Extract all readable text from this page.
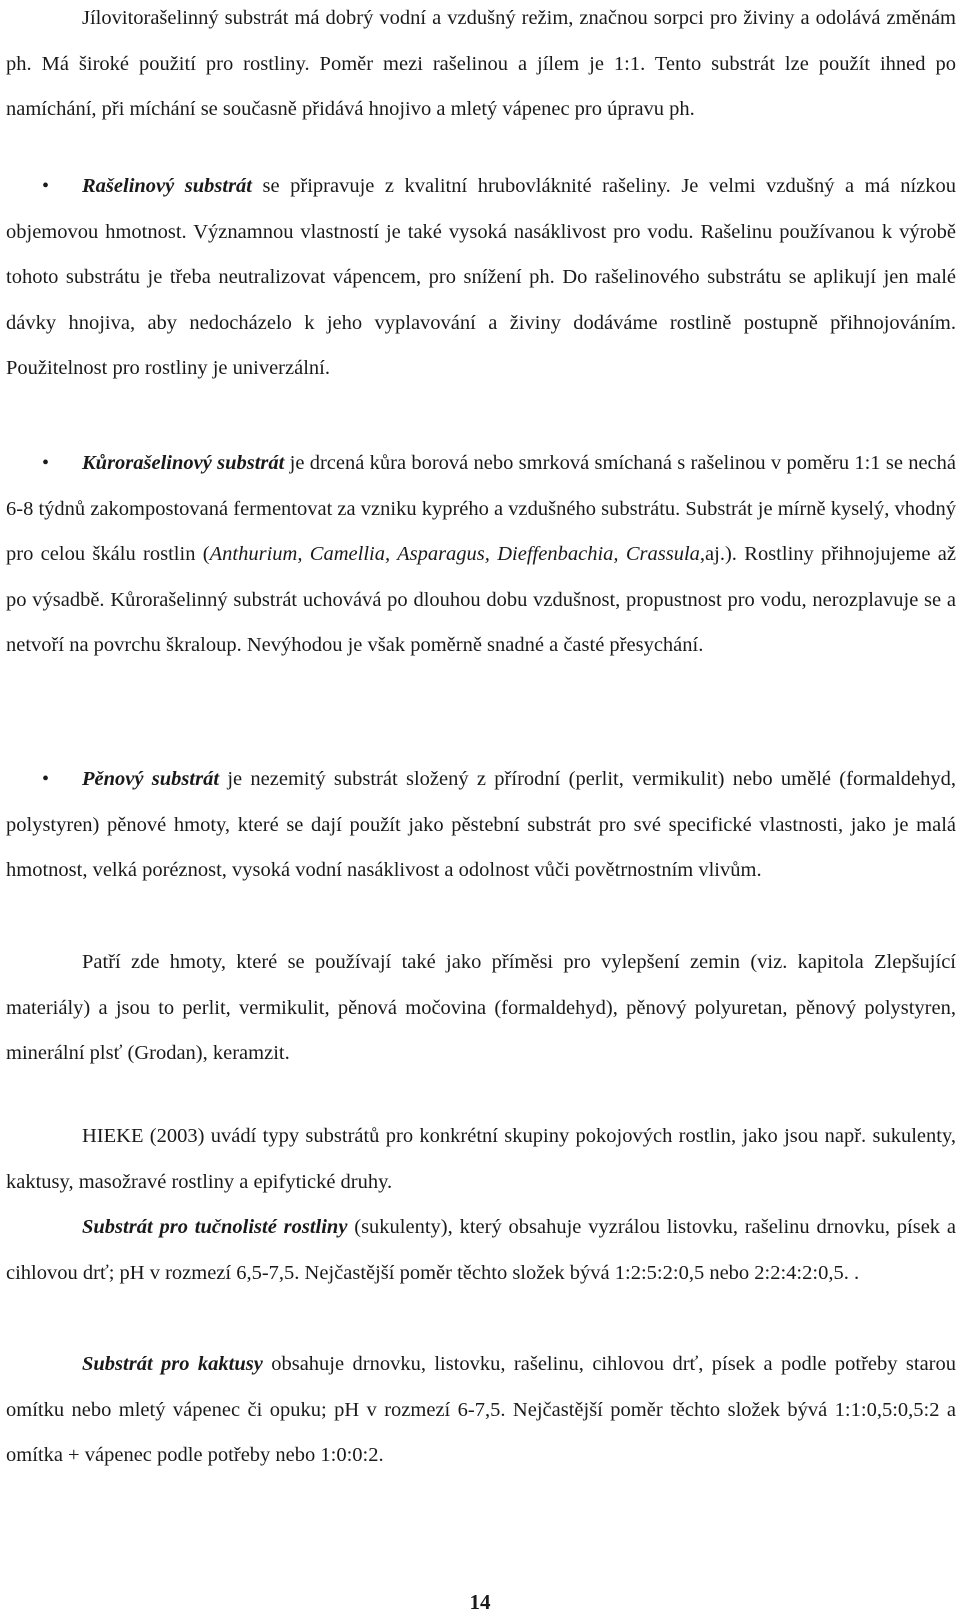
Jílovitorašelinný substrát má dobrý vodní a vzdušný režim, značnou sorpci pro živiny a odolává změnám ph. Má široké použití pro rostliny. Poměr mezi rašelinou a jílem je 1:1. Tento substrát lze použít ihned po namíchání, při míchání se současně přidává hnojivo a mletý vápenec pro úpravu ph.

•	Rašelinový substrát se připravuje z kvalitní hrubovláknité rašeliny. Je velmi vzdušný a má nízkou objemovou hmotnost. Významnou vlastností je také vysoká nasáklivost pro vodu. Rašelinu používanou k výrobě tohoto substrátu je třeba neutralizovat vápencem, pro snížení ph. Do rašelinového substrátu se aplikují jen malé dávky hnojiva, aby nedocházelo k jeho vyplavování a živiny dodáváme rostlině postupně přihnojováním. Použitelnost pro rostliny je univerzální.

•	Kůrorašelinový substrát je drcená kůra borová nebo smrková smíchaná s rašelinou v poměru 1:1 se nechá 6-8 týdnů zakompostovaná fermentovat za vzniku kyprého a vzdušného substrátu. Substrát je mírně kyselý, vhodný pro celou škálu rostlin (Anthurium, Camellia, Asparagus, Dieffenbachia, Crassula,aj.). Rostliny přihnojujeme až po výsadbě. Kůrorašelinný substrát uchovává po dlouhou dobu vzdušnost, propustnost pro vodu, nerozplavuje se a netvoří na povrchu škraloup. Nevýhodou je však poměrně snadné a časté přesychání.

•	Pěnový substrát je nezemitý substrát složený z přírodní (perlit, vermikulit) nebo umělé (formaldehyd, polystyren) pěnové hmoty, které se dají použít jako pěstební substrát pro své specifické vlastnosti, jako je malá hmotnost, velká poréznost, vysoká vodní nasáklivost a odolnost vůči povětrnostním vlivům.

Patří zde hmoty, které se používají také jako příměsi pro vylepšení zemin (viz. kapitola Zlepšující materiály) a jsou to perlit, vermikulit, pěnová močovina (formaldehyd), pěnový polyuretan, pěnový polystyren, minerální plsť (Grodan), keramzit.

HIEKE (2003) uvádí typy substrátů pro konkrétní skupiny pokojových rostlin, jako jsou např. sukulenty, kaktusy, masožravé rostliny a epifytické druhy.

Substrát pro tučnolisté rostliny (sukulenty), který obsahuje vyzrálou listovku, rašelinu drnovku, písek a cihlovou drť; pH v rozmezí 6,5-7,5. Nejčastější poměr těchto složek bývá 1:2:5:2:0,5 nebo 2:2:4:2:0,5. .

Substrát pro kaktusy obsahuje drnovku, listovku, rašelinu, cihlovou drť, písek a podle potřeby starou omítku nebo mletý vápenec či opuku; pH v rozmezí 6-7,5. Nejčastější poměr těchto složek bývá 1:1:0,5:0,5:2 a omítka + vápenec podle potřeby nebo 1:0:0:2.

14
